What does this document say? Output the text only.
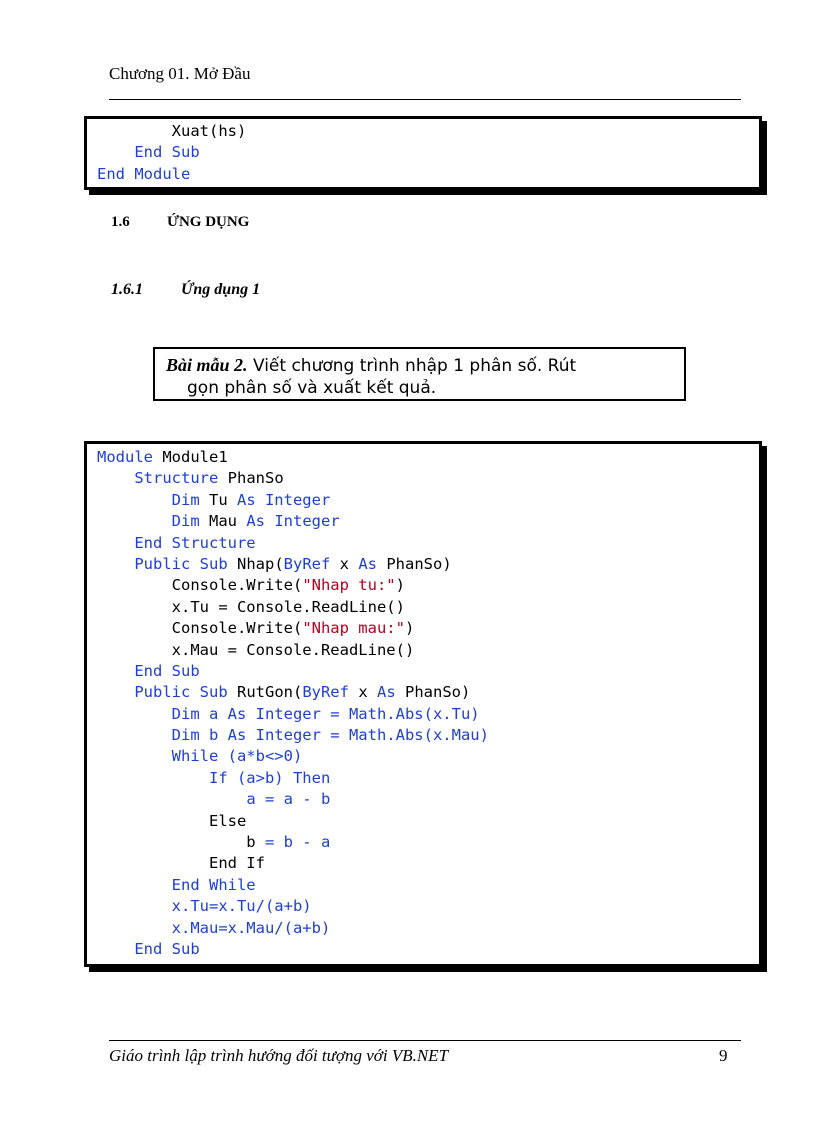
Chương 01. Mở Đầu
Xuat(hs)
End Sub
End Module
1.6 ỨNG DỤNG
1.6.1 Ứng dụng 1
Bài mẫu 2. Viết chương trình nhập 1 phân số. Rút
gọn phân số và xuất kết quả.
Module Module1
Structure PhanSo
Dim Tu As Integer
Dim Mau As Integer
End Structure
Public Sub Nhap(ByRef x As PhanSo)
Console.Write("Nhap tu:")
x.Tu = Console.ReadLine()
Console.Write("Nhap mau:")
x.Mau = Console.ReadLine()
End Sub
Public Sub RutGon(ByRef x As PhanSo)
Dim a As Integer = Math.Abs(x.Tu)
Dim b As Integer = Math.Abs(x.Mau)
While (a*b<>0)
If (a>b) Then
a = a - b
Else
b = b - a
End If
End While
x.Tu=x.Tu/(a+b)
x.Mau=x.Mau/(a+b)
End Sub
Giáo trình lập trình hướng đối tượng với VB.NET	9
